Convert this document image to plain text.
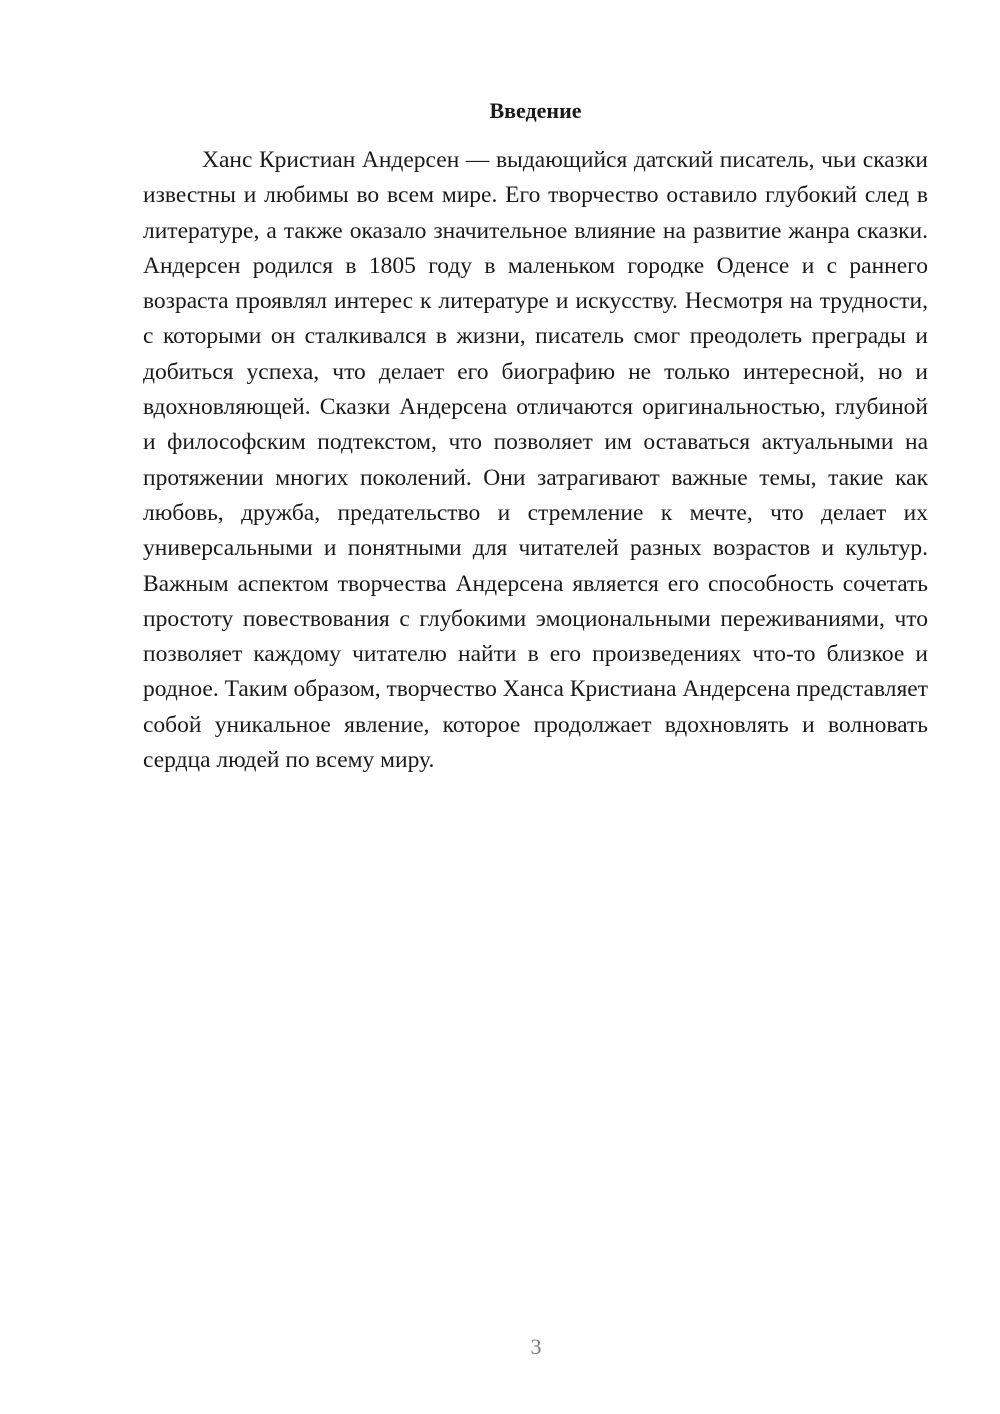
Введение

Ханс Кристиан Андерсен — выдающийся датский писатель, чьи сказки известны и любимы во всем мире. Его творчество оставило глубокий след в литературе, а также оказало значительное влияние на развитие жанра сказки. Андерсен родился в 1805 году в маленьком городке Оденсе и с раннего возраста проявлял интерес к литературе и искусству. Несмотря на трудности, с которыми он сталкивался в жизни, писатель смог преодолеть преграды и добиться успеха, что делает его биографию не только интересной, но и вдохновляющей. Сказки Андерсена отличаются оригинальностью, глубиной и философским подтекстом, что позволяет им оставаться актуальными на протяжении многих поколений. Они затрагивают важные темы, такие как любовь, дружба, предательство и стремление к мечте, что делает их универсальными и понятными для читателей разных возрастов и культур. Важным аспектом творчества Андерсена является его способность сочетать простоту повествования с глубокими эмоциональными переживаниями, что позволяет каждому читателю найти в его произведениях что-то близкое и родное. Таким образом, творчество Ханса Кристиана Андерсена представляет собой уникальное явление, которое продолжает вдохновлять и волновать сердца людей по всему миру.

3
